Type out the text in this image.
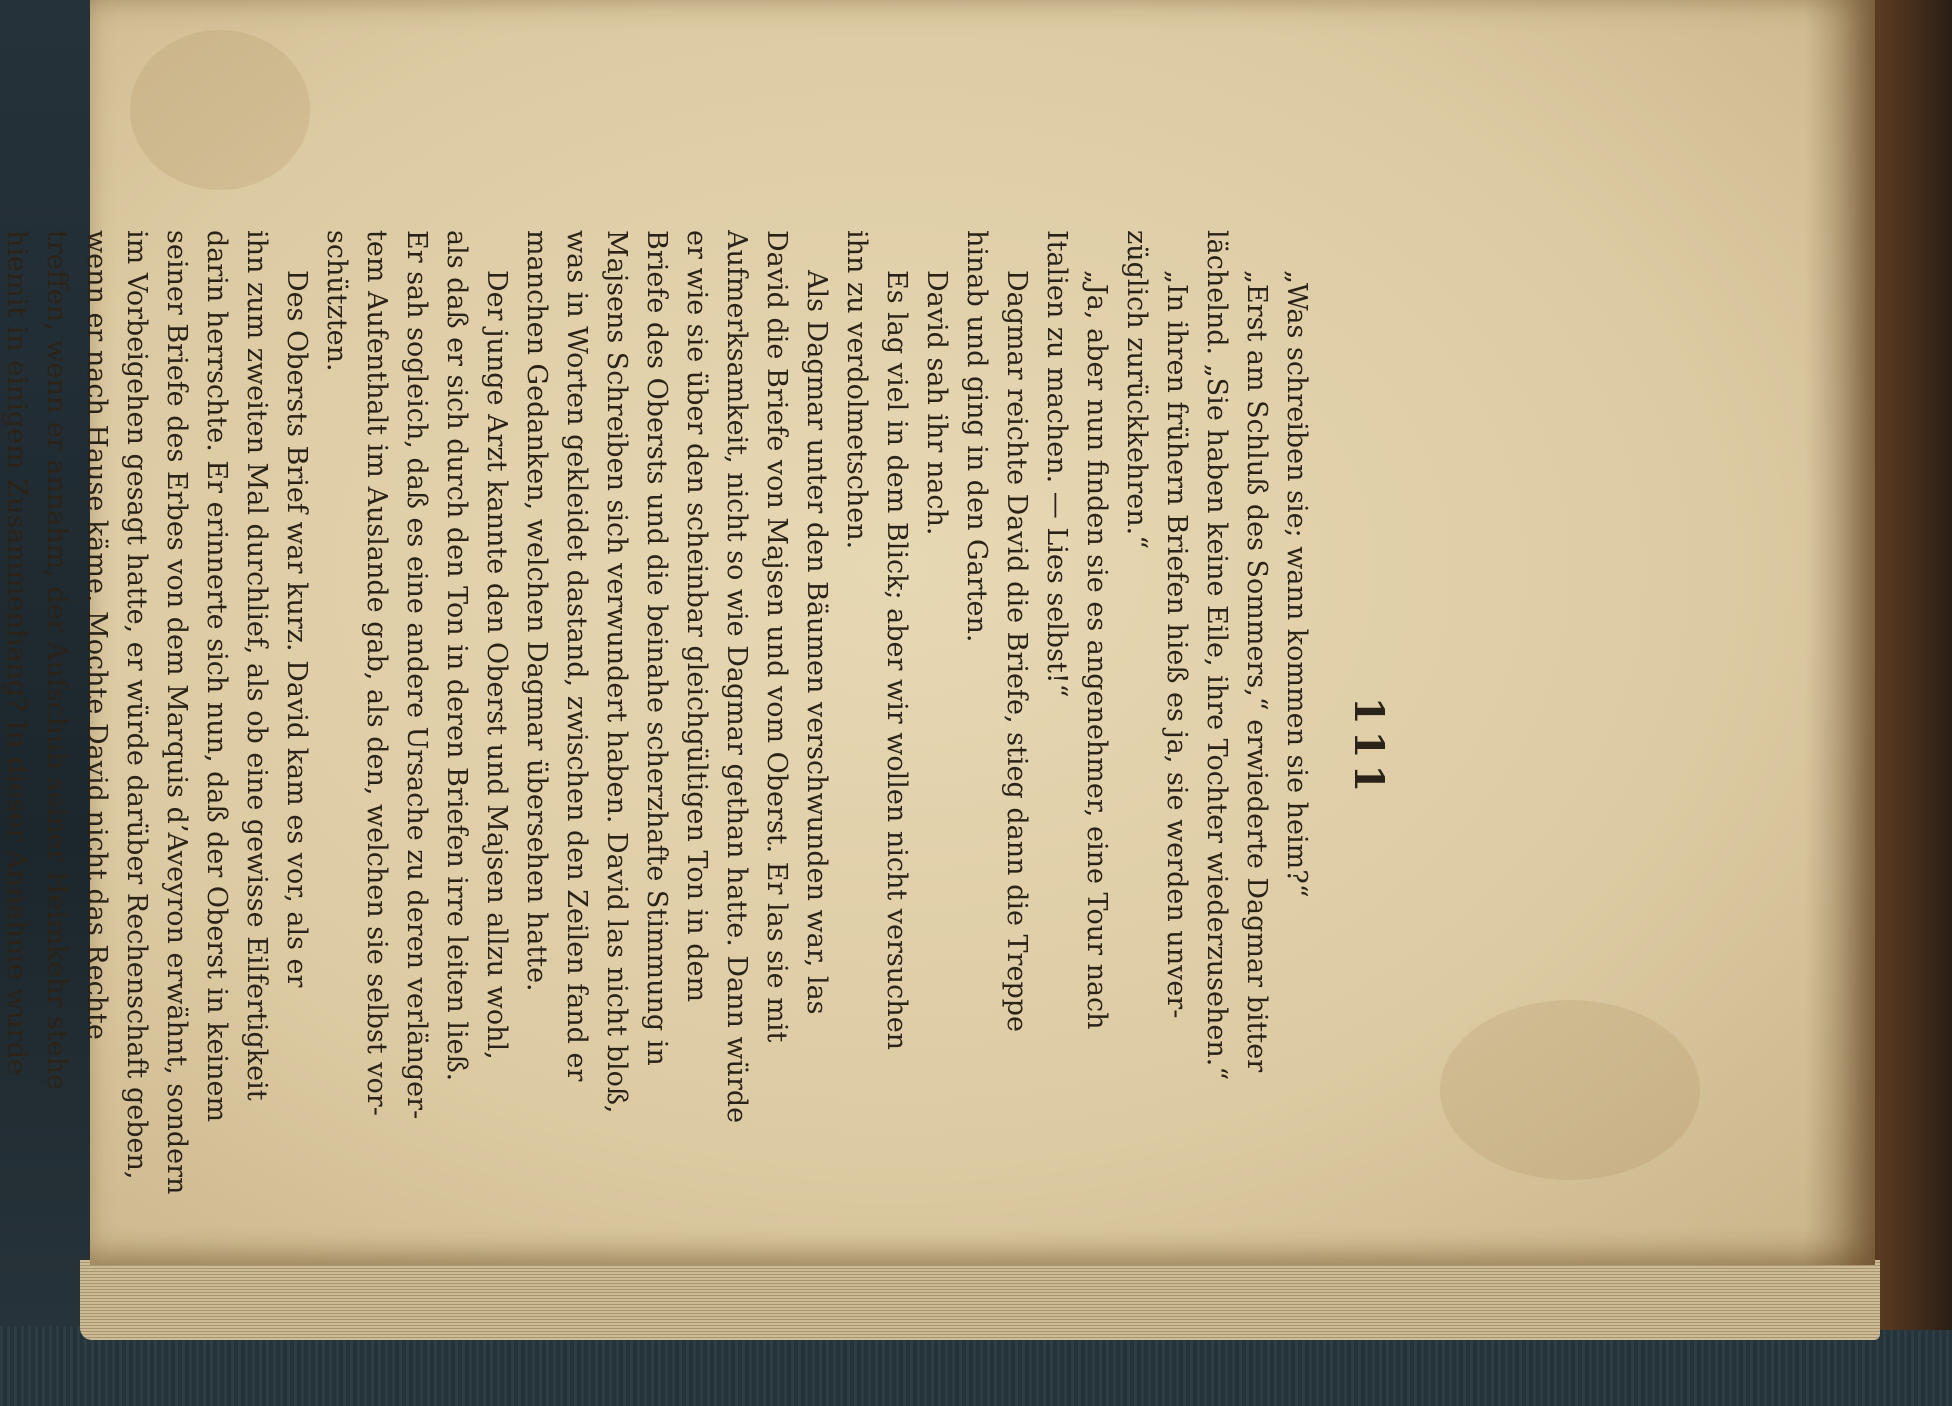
111
„Was schreiben sie; wann kommen sie heim?“
„Erst am Schluß des Sommers,“ erwiederte Dagmar bitter
lächelnd. „Sie haben keine Eile, ihre Tochter wiederzusehen.“
„In ihren frühern Briefen hieß es ja, sie werden unver-
züglich zurückkehren.“
„Ja, aber nun finden sie es angenehmer, eine Tour nach
Italien zu machen. — Lies selbst!“
Dagmar reichte David die Briefe, stieg dann die Treppe
hinab und ging in den Garten.
David sah ihr nach.
Es lag viel in dem Blick; aber wir wollen nicht versuchen
ihn zu verdolmetschen.
Als Dagmar unter den Bäumen verschwunden war, las
David die Briefe von Majsen und vom Oberst. Er las sie mit
Aufmerksamkeit, nicht so wie Dagmar gethan hatte. Dann würde
er wie sie über den scheinbar gleichgültigen Ton in dem
Briefe des Obersts und die beinahe scherzhafte Stimmung in
Majsens Schreiben sich verwundert haben. David las nicht bloß,
was in Worten gekleidet dastand, zwischen den Zeilen fand er
manchen Gedanken, welchen Dagmar übersehen hatte.
Der junge Arzt kannte den Oberst und Majsen allzu wohl,
als daß er sich durch den Ton in deren Briefen irre leiten ließ.
Er sah sogleich, daß es eine andere Ursache zu deren verlänger-
tem Aufenthalt im Auslande gab, als den, welchen sie selbst vor-
schützten.
Des Obersts Brief war kurz. David kam es vor, als er
ihn zum zweiten Mal durchlief, als ob eine gewisse Eilfertigkeit
darin herrschte. Er erinnerte sich nun, daß der Oberst in keinem
seiner Briefe des Erbes von dem Marquis d’Aveyron erwähnt, sondern
im Vorbeigehen gesagt hatte, er würde darüber Rechenschaft geben,
wenn er nach Hause käme. Mochte David nicht das Rechte
treffen, wenn er annahm, der Aufschub seiner Heimkehr stehe
hiemit in einigem Zusammenhang? In dieser Annahme wurde
